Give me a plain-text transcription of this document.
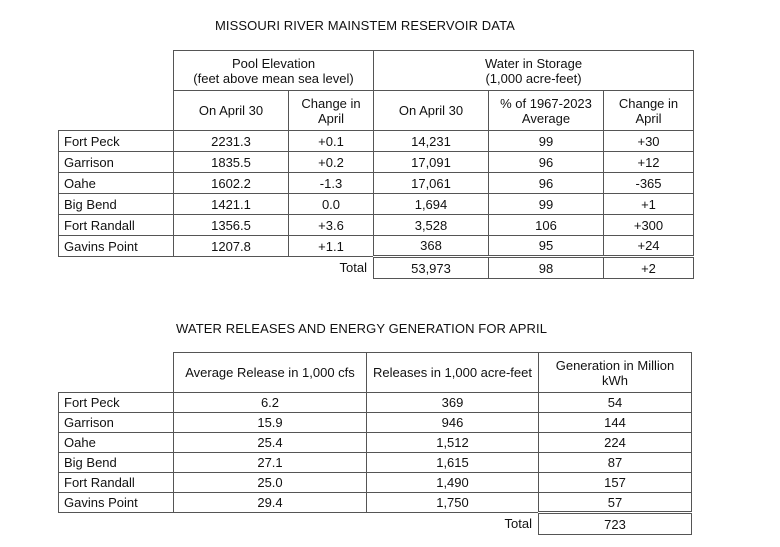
MISSOURI RIVER MAINSTEM RESERVOIR DATA
	Pool Elevation
(feet above mean sea level)		Water in Storage
(1,000 acre-feet)		
	On April 30	Change in April	On April 30	% of 1967-2023 Average	Change in April
Fort Peck	2231.3	+0.1	14,231	99	+30
Garrison	1835.5	+0.2	17,091	96	+12
Oahe	1602.2	-1.3	17,061	96	-365
Big Bend	1421.1	0.0	1,694	99	+1
Fort Randall	1356.5	+3.6	3,528	106	+300
Gavins Point	1207.8	+1.1	368	95	+24
		Total	53,973	98	+2
WATER RELEASES AND ENERGY GENERATION FOR APRIL
	Average Release in 1,000 cfs	Releases in 1,000 acre-feet	Generation in Million kWh
Fort Peck	6.2	369	54
Garrison	15.9	946	144
Oahe	25.4	1,512	224
Big Bend	27.1	1,615	87
Fort Randall	25.0	1,490	157
Gavins Point	29.4	1,750	57
		Total	723
